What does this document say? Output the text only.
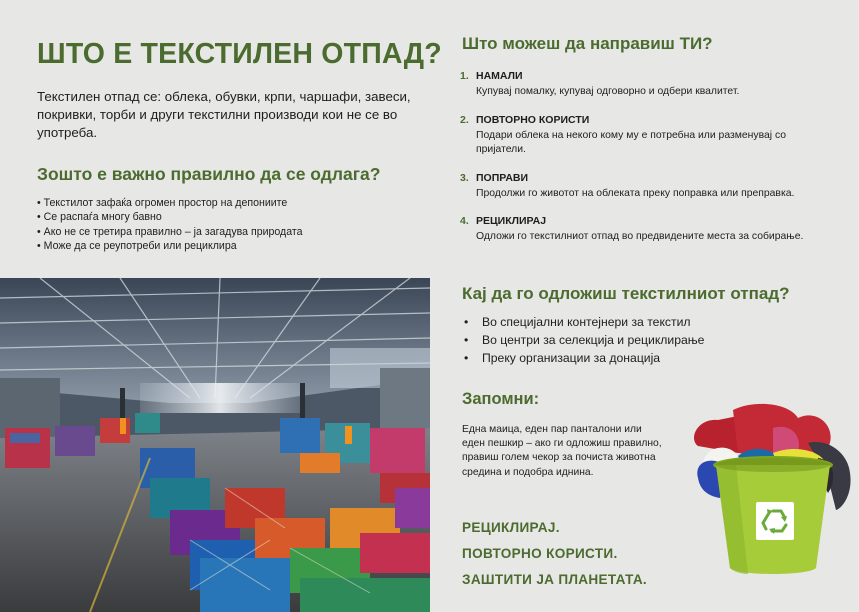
ШТО Е ТЕКСТИЛЕН ОТПАД?

Текстилен отпад се: облека, обувки, крпи, чаршафи, завеси, покривки, торби и други текстилни производи кои не се во употреба.

Зошто е важно правилно да се одлага?
• Текстилот зафаќа огромен простор на депониите
• Се распаѓа многу бавно
• Ако не се третира правилно – ја загадува природата
• Може да се реупотреби или рециклира
Што можеш да направиш ТИ?
1. НАМАЛИ
Купувај помалку, купувај одговорно и одбери квалитет.
2. ПОВТОРНО КОРИСТИ
Подари облека на некого кому му е потребна или разменувај со пријатели.
3. ПОПРАВИ
Продолжи го животот на облеката преку поправка или преправка.
4. РЕЦИКЛИРАЈ
Одложи го текстилниот отпад во предвидените места за собирање.
Кај да го одложиш текстилниот отпад?
• Во специјални контејнери за текстил
• Во центри за селекција и рециклирање
• Преку организации за донација
Запомни:

Една маица, еден пар панталони или еден пешкир – ако ги одложиш правилно, правиш голем чекор за почиста животна средина и подобра иднина.

РЕЦИКЛИРАЈ.
ПОВТОРНО КОРИСТИ.
ЗАШТИТИ ЈА ПЛАНЕТАТА.
